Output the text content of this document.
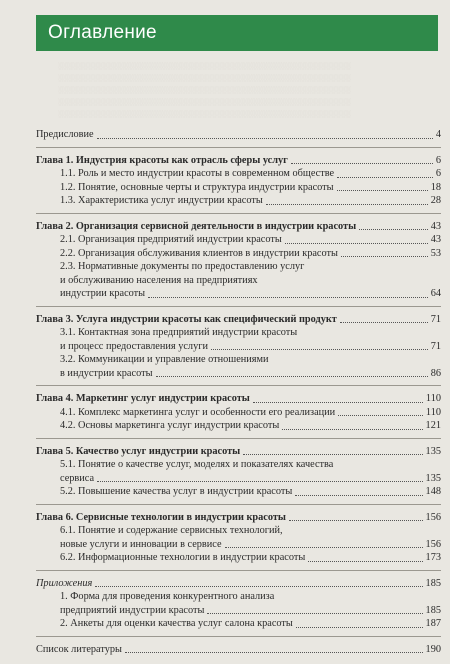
Оглавление
░░░░░░░░░░░░░░░░░░░░░░░░░░░░░░░░░░░░░░░░░░░░░░░░░░░░░░░░░░░
░░░░░░░░░░░░░░░░░░░░░░░░░░░░░░░░░░░░░░░░░░░░░░░░░░░░░░░░░░░
░░░░░░░░░░░░░░░░░░░░░░░░░░░░░░░░░░░░░░░░░░░░░░░░░░░░░░░░░░░
░░░░░░░░░░░░░░░░░░░░░░░░░░░░░░░░░░░░░░░░░░░░░░░░░░░░░░░░░░░
░░░░░░░░░░░░░░░░░░░░░░░░░░░░░░░░░░░░░░░░░░░░░░░░░░░░░░░░░░░
Предисловие	4
Глава 1. Индустрия красоты как отрасль сферы услуг	6
1.1. Роль и место индустрии красоты в современном обществе	6
1.2. Понятие, основные черты и структура индустрии красоты	18
1.3. Характеристика услуг индустрии красоты	28
Глава 2. Организация сервисной деятельности в индустрии красоты	43
2.1. Организация предприятий индустрии красоты	43
2.2. Организация обслуживания клиентов в индустрии красоты	53
2.3. Нормативные документы по предоставлению услуг
и обслуживанию населения на предприятиях
индустрии красоты	64
Глава 3. Услуга индустрии красоты как специфический продукт	71
3.1. Контактная зона предприятий индустрии красоты
и процесс предоставления услуги	71
3.2. Коммуникации и управление отношениями
в индустрии красоты	86
Глава 4. Маркетинг услуг индустрии красоты	110
4.1. Комплекс маркетинга услуг и особенности его реализации	110
4.2. Основы маркетинга услуг индустрии красоты	121
Глава 5. Качество услуг индустрии красоты	135
5.1. Понятие о качестве услуг, моделях и показателях качества
сервиса	135
5.2. Повышение качества услуг в индустрии красоты	148
Глава 6. Сервисные технологии в индустрии красоты	156
6.1. Понятие и содержание сервисных технологий,
новые услуги и инновации в сервисе	156
6.2. Информационные технологии в индустрии красоты	173
Приложения	185
1. Форма для проведения конкурентного анализа
предприятий индустрии красоты	185
2. Анкеты для оценки качества услуг салона красоты	187
Список литературы	190
